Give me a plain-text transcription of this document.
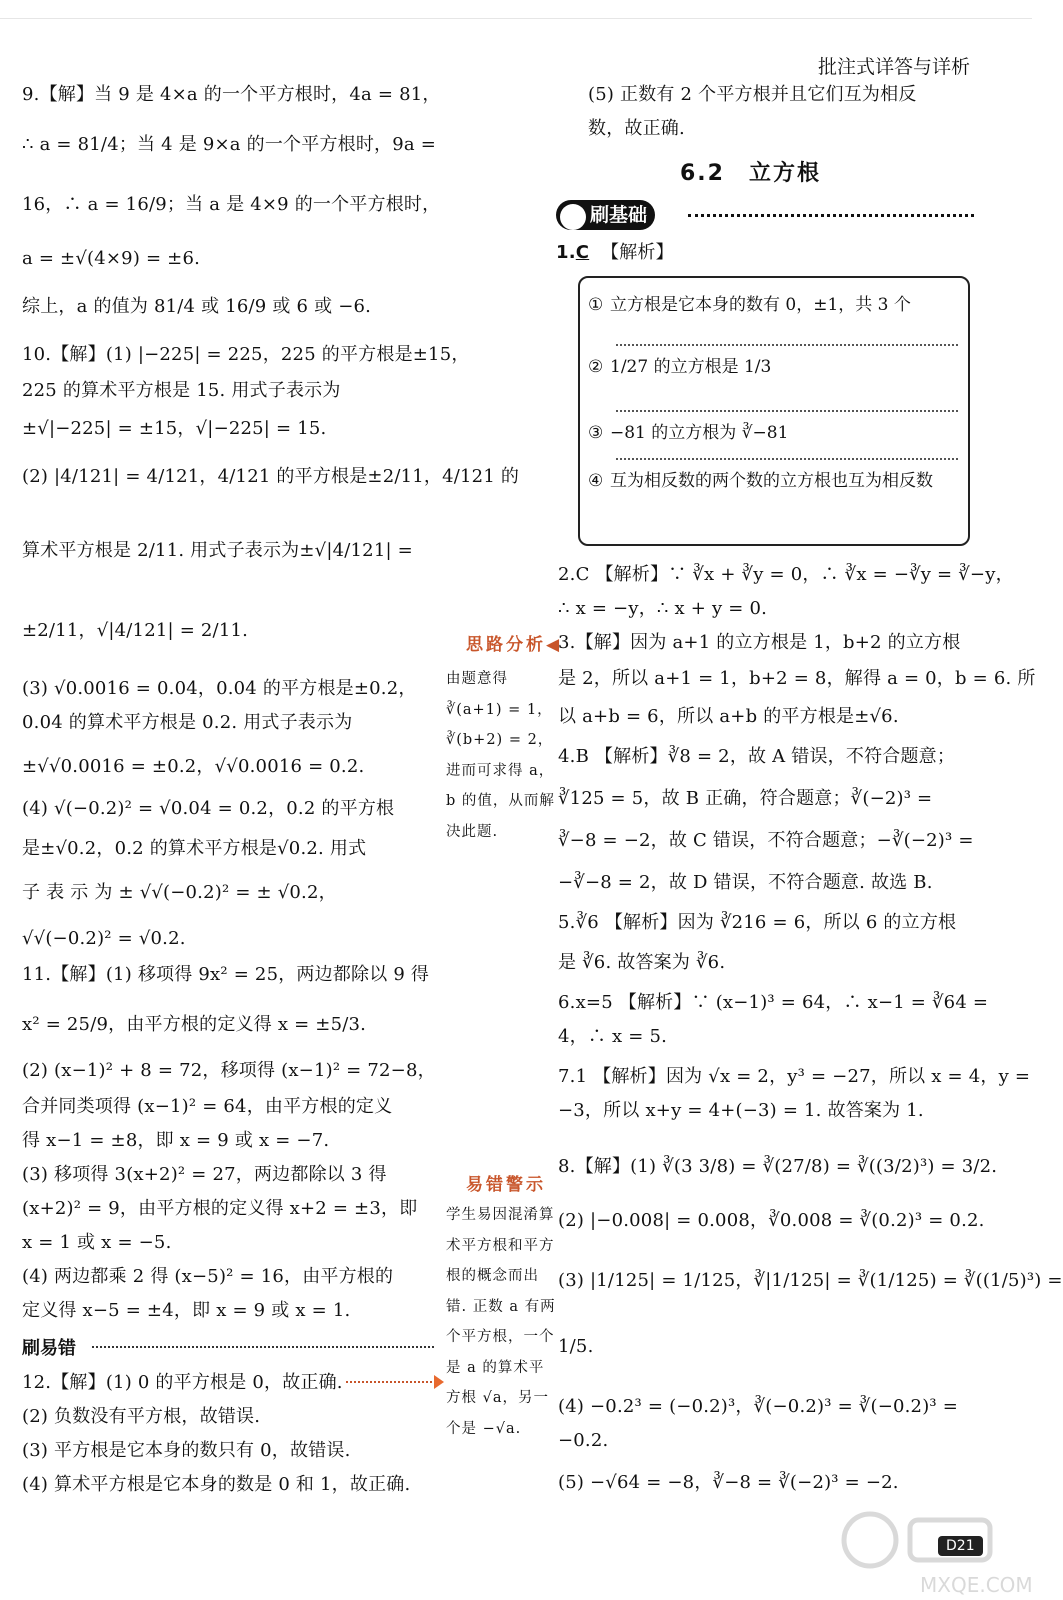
批注式详答与详析
9.【解】当 9 是 4×a 的一个平方根时，4a = 81，
∴ a = 81/4；当 4 是 9×a 的一个平方根时，9a =
16，∴ a = 16/9；当 a 是 4×9 的一个平方根时，
a = ±√(4×9) = ±6.
综上，a 的值为 81/4 或 16/9 或 6 或 −6.
10.【解】(1) |−225| = 225，225 的平方根是±15，
225 的算术平方根是 15. 用式子表示为
±√|−225| = ±15，√|−225| = 15.
(2) |4/121| = 4/121，4/121 的平方根是±2/11，4/121 的
算术平方根是 2/11. 用式子表示为±√|4/121| =
±2/11，√|4/121| = 2/11.
(3) √0.0016 = 0.04，0.04 的平方根是±0.2，
0.04 的算术平方根是 0.2. 用式子表示为
±√√0.0016 = ±0.2，√√0.0016 = 0.2.
(4) √(−0.2)² = √0.04 = 0.2，0.2 的平方根
是±√0.2，0.2 的算术平方根是√0.2. 用式
子 表 示 为 ± √√(−0.2)² = ± √0.2，
√√(−0.2)² = √0.2.
11.【解】(1) 移项得 9x² = 25，两边都除以 9 得
x² = 25/9，由平方根的定义得 x = ±5/3.
(2) (x−1)² + 8 = 72，移项得 (x−1)² = 72−8，
合并同类项得 (x−1)² = 64，由平方根的定义
得 x−1 = ±8，即 x = 9 或 x = −7.
(3) 移项得 3(x+2)² = 27，两边都除以 3 得
(x+2)² = 9，由平方根的定义得 x+2 = ±3，即
x = 1 或 x = −5.
(4) 两边都乘 2 得 (x−5)² = 16，由平方根的
定义得 x−5 = ±4，即 x = 9 或 x = 1.
刷易错
12.【解】(1) 0 的平方根是 0，故正确.
(2) 负数没有平方根，故错误.
(3) 平方根是它本身的数只有 0，故错误.
(4) 算术平方根是它本身的数是 0 和 1，故正确.
思路分析◀
由题意得 ∛(a+1) = 1，∛(b+2) = 2，进而可求得 a，b 的值，从而解决此题.
易错警示
学生易因混淆算术平方根和平方根的概念而出错. 正数 a 有两个平方根，一个是 a 的算术平方根 √a，另一个是 −√a.
(5) 正数有 2 个平方根并且它们互为相反
数，故正确.
6.2　立方根
刷基础
1.C 【解析】
① 立方根是它本身的数有 0，±1，共 3 个
② 1/27 的立方根是 1/3
③ −81 的立方根为 ∛−81
④ 互为相反数的两个数的立方根也互为相反数
2.C 【解析】∵ ∛x + ∛y = 0，∴ ∛x = −∛y = ∛−y，
∴ x = −y，∴ x + y = 0.
3.【解】因为 a+1 的立方根是 1，b+2 的立方根
是 2，所以 a+1 = 1，b+2 = 8，解得 a = 0，b = 6. 所
以 a+b = 6，所以 a+b 的平方根是±√6.
4.B 【解析】∛8 = 2，故 A 错误，不符合题意；
∛125 = 5，故 B 正确，符合题意；∛(−2)³ =
∛−8 = −2，故 C 错误，不符合题意；−∛(−2)³ =
−∛−8 = 2，故 D 错误，不符合题意. 故选 B.
5.∛6 【解析】因为 ∛216 = 6，所以 6 的立方根
是 ∛6. 故答案为 ∛6.
6.x=5 【解析】∵ (x−1)³ = 64，∴ x−1 = ∛64 =
4，∴ x = 5.
7.1 【解析】因为 √x = 2，y³ = −27，所以 x = 4，y =
−3，所以 x+y = 4+(−3) = 1. 故答案为 1.
8.【解】(1) ∛(3 3/8) = ∛(27/8) = ∛((3/2)³) = 3/2.
(2) |−0.008| = 0.008，∛0.008 = ∛(0.2)³ = 0.2.
(3) |1/125| = 1/125，∛|1/125| = ∛(1/125) = ∛((1/5)³) =
1/5.
(4) −0.2³ = (−0.2)³，∛(−0.2)³ = ∛(−0.2)³ =
−0.2.
(5) −√64 = −8，∛−8 = ∛(−2)³ = −2.
D21
MXQE.COM
